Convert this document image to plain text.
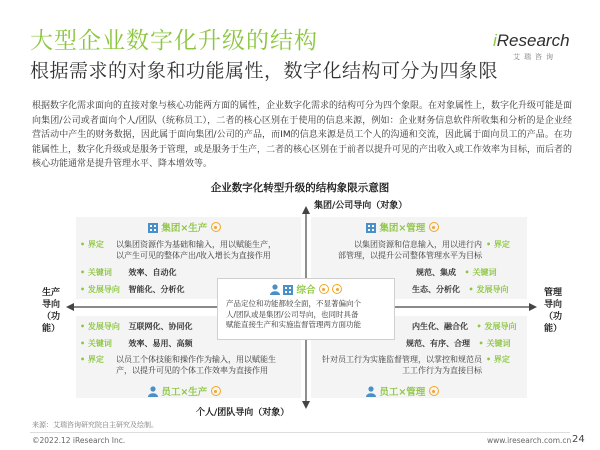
大型企业数字化升级的结构
根据需求的对象和功能属性，数字化结构可分为四象限
iResearch
艾瑞咨询
根据数字化需求面向的直接对象与核心功能两方面的属性，企业数字化需求的结构可分为四个象限。在对象属性上，数字化升级可能是面向集团/公司或者面向个人/团队（统称员工），二者的核心区别在于使用的信息来源，例如：企业财务信息软件所收集和分析的是企业经营活动中产生的财务数据，因此属于面向集团/公司的产品，而IM的信息来源是员工个人的沟通和交流，因此属于面向员工的产品。在功能属性上，数字化升级或是服务于管理，或是服务于生产，二者的核心区别在于前者以提升可见的产出收入或工作效率为目标，而后者的核心功能通常是提升管理水平、降本增效等。
企业数字化转型升级的结构象限示意图
集团/公司导向（对象）
个人/团队导向（对象）
生产
导向
（功
能）
管理
导向
（功
能）
集团×生产
• 界定	以集团资源作为基础和输入，用以赋能生产，
以产生可见的整体产出/收入增长为直接作用
• 关键词 效率、自动化
• 发展导向 智能化、分析化
集团×管理
以集团资源和信息输入，用以进行内
部管理，以提升公司整体管理水平为目标
• 界定
规范、集成 • 关键词
生态、分析化 • 发展导向
• 发展导向 互联网化、协同化
• 关键词 效率、易用、高频
• 界定	以员工个体技能和操作作为输入，用以赋能生
产，以提升可见的个体工作效率为直接作用
员工×生产
内生化、融合化 • 发展导向
规范、有序、合理 • 关键词
针对员工行为实施监督管理，以掌控和规范员
工工作行为为直接目标
• 界定
员工×管理
综合
产品定位和功能都较全面，不显著偏向个
人/团队或是集团/公司导向，也同时具备
赋能直接生产和实施监督管理两方面功能
来源：艾瑞咨询研究院自主研究及绘制。
©2022.12 iResearch Inc.	www.iresearch.com.cn 24
